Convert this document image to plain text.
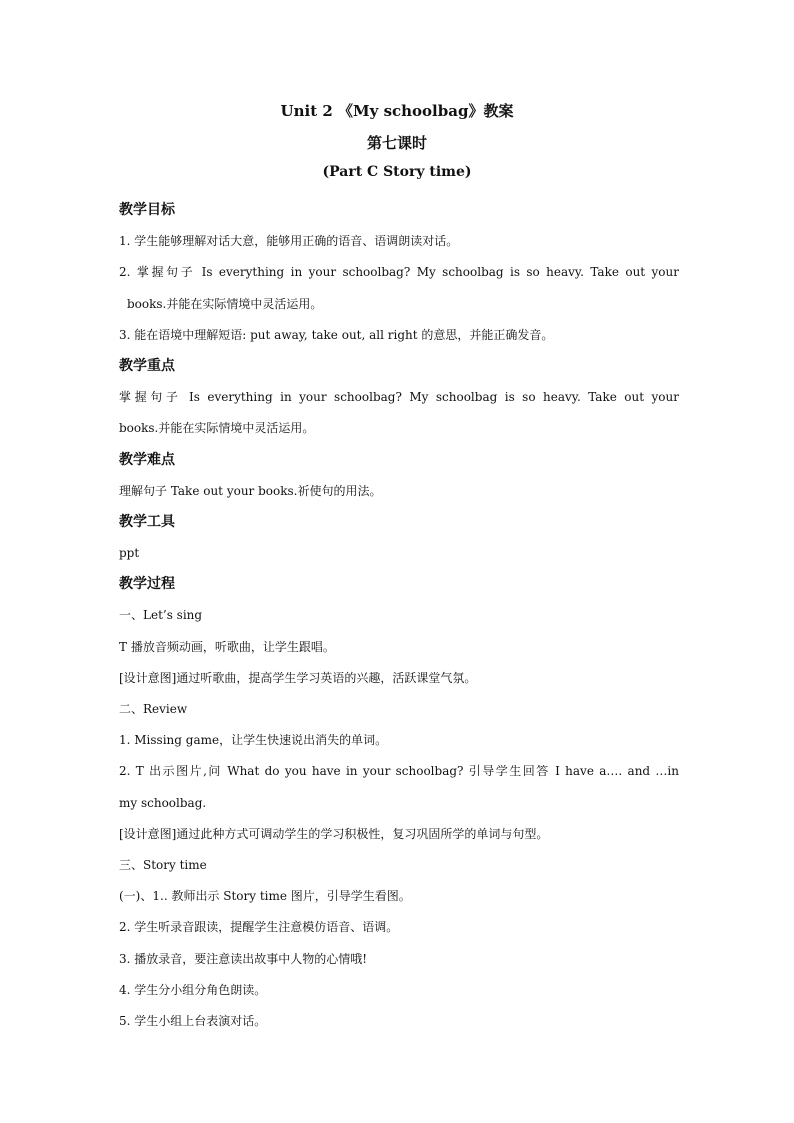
Unit 2 《My schoolbag》教案
第七课时
(Part C Story time)
教学目标
1. 学生能够理解对话大意，能够用正确的语音、语调朗读对话。
2. 掌握句子 Is everything in your schoolbag? My schoolbag is so heavy. Take out your
books.并能在实际情境中灵活运用。
3. 能在语境中理解短语: put away, take out, all right 的意思，并能正确发音。
教学重点
掌握句子 Is everything in your schoolbag? My schoolbag is so heavy. Take out your
books.并能在实际情境中灵活运用。
教学难点
理解句子 Take out your books.祈使句的用法。
教学工具
ppt
教学过程
一、Let’s sing
T 播放音频动画，听歌曲，让学生跟唱。
[设计意图]通过听歌曲，提高学生学习英语的兴趣，活跃课堂气氛。
二、Review
1. Missing game，让学生快速说出消失的单词。
2. T 出示图片,问 What do you have in your schoolbag? 引导学生回答 I have a…. and …in
my schoolbag.
[设计意图]通过此种方式可调动学生的学习积极性，复习巩固所学的单词与句型。
三、Story time
(一)、1.. 教师出示 Story time 图片，引导学生看图。
2. 学生听录音跟读，提醒学生注意模仿语音、语调。
3. 播放录音，要注意读出故事中人物的心情哦!
4. 学生分小组分角色朗读。
5. 学生小组上台表演对话。
